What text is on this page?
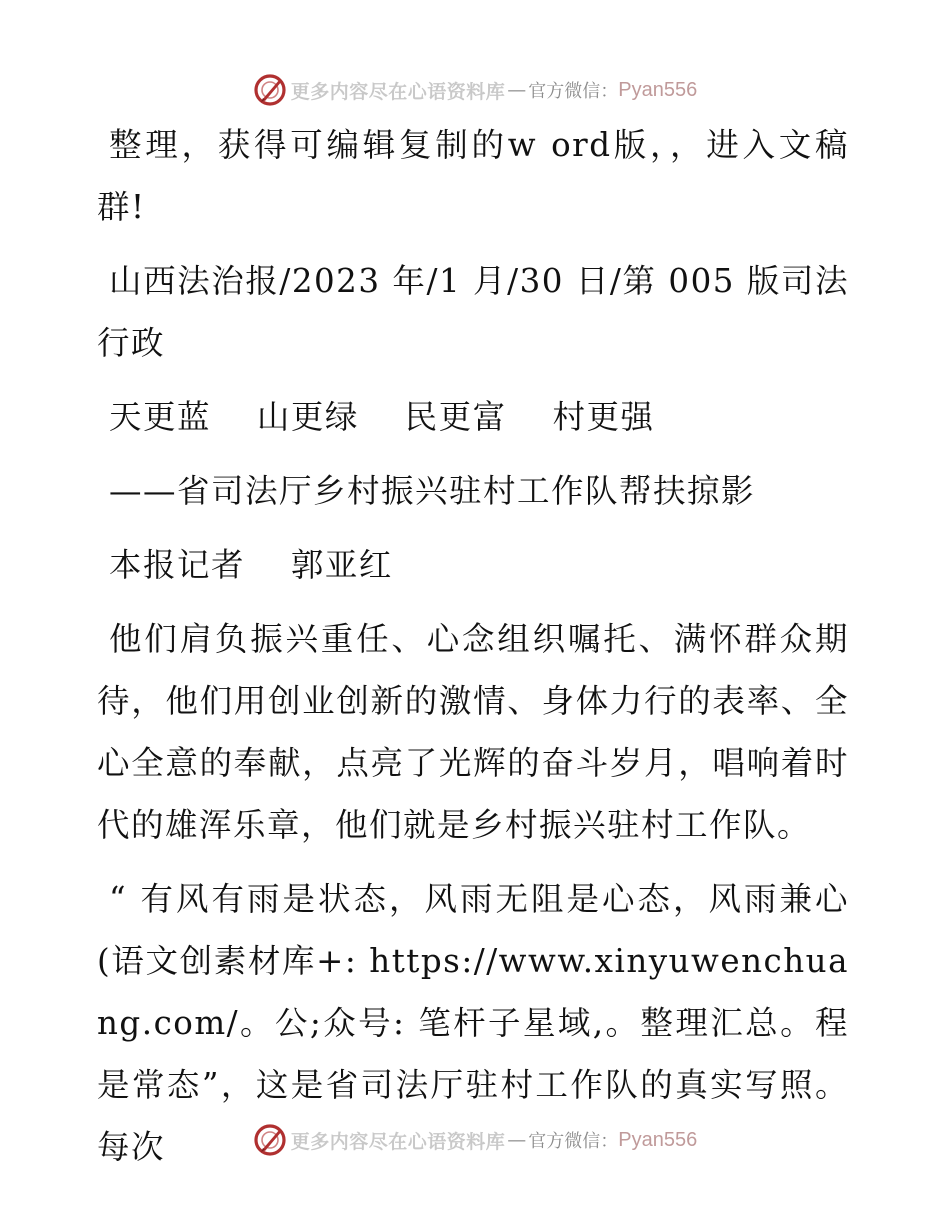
更多内容尽在心语资料库 — 官方微信： Pyan556

整理，获得可编辑复制的w ord版，，进入文稿群!

山西法治报/2023 年/1 月/30 日/第 005 版司法行政

天更蓝　 山更绿　 民更富　 村更强

——省司法厅乡村振兴驻村工作队帮扶掠影

本报记者　 郭亚红

他们肩负振兴重任、心念组织嘱托、满怀群众期待，他们用创业创新的激情、身体力行的表率、全心全意的奉献，点亮了光辉的奋斗岁月，唱响着时代的雄浑乐章，他们就是乡村振兴驻村工作队。

“ 有风有雨是状态，风雨无阻是心态，风雨兼心(语文创素材库+: https://www.xinyuwenchuang.com/。公;众号: 笔杆子星域,。整理汇总。程是常态”，这是省司法厅驻村工作队的真实写照。每次	更多内容尽在心语资料库 — 官方微信： Pyan556
